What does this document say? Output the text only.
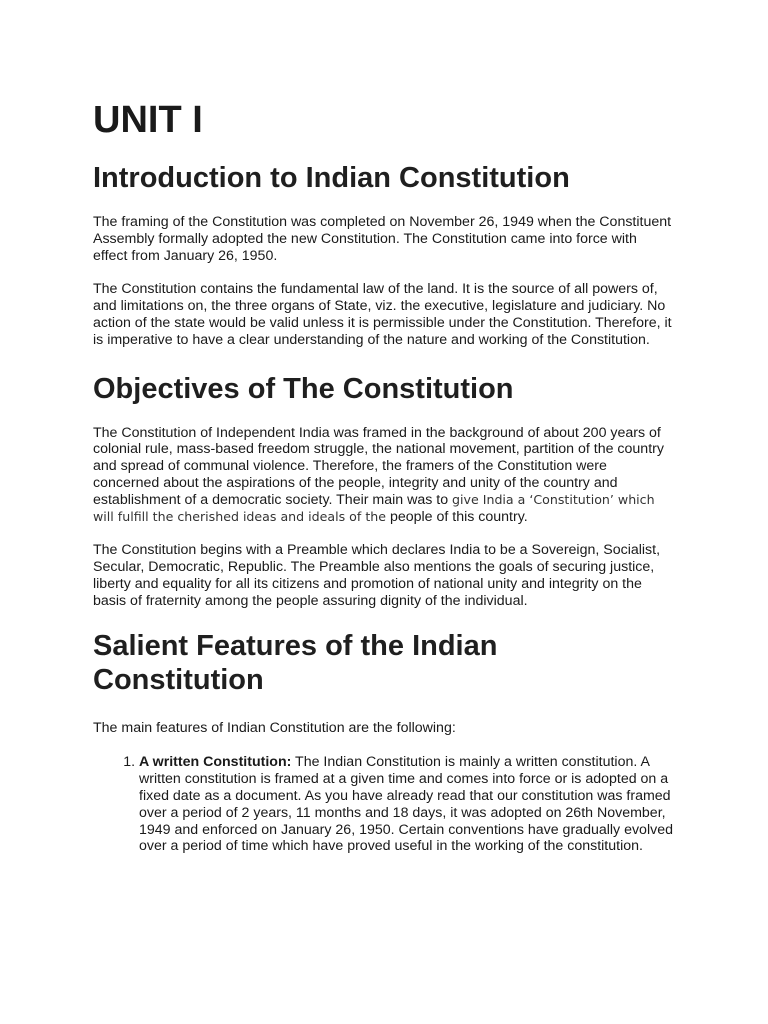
UNIT I
Introduction to Indian Constitution

The framing of the Constitution was completed on November 26, 1949 when the Constituent Assembly formally adopted the new Constitution. The Constitution came into force with effect from January 26, 1950.

The Constitution contains the fundamental law of the land. It is the source of all powers of, and limitations on, the three organs of State, viz. the executive, legislature and judiciary. No action of the state would be valid unless it is permissible under the Constitution. Therefore, it is imperative to have a clear understanding of the nature and working of the Constitution.

Objectives of The Constitution

The Constitution of Independent India was framed in the background of about 200 years of colonial rule, mass-based freedom struggle, the national movement, partition of the country and spread of communal violence. Therefore, the framers of the Constitution were concerned about the aspirations of the people, integrity and unity of the country and establishment of a democratic society. Their main was to give India a ‘Constitution’ which will fulfill the cherished ideas and ideals of the people of this country.

The Constitution begins with a Preamble which declares India to be a Sovereign, Socialist, Secular, Democratic, Republic. The Preamble also mentions the goals of securing justice, liberty and equality for all its citizens and promotion of national unity and integrity on the basis of fraternity among the people assuring dignity of the individual.

Salient Features of the Indian Constitution

The main features of Indian Constitution are the following:

1. A written Constitution: The Indian Constitution is mainly a written constitution. A written constitution is framed at a given time and comes into force or is adopted on a fixed date as a document. As you have already read that our constitution was framed over a period of 2 years, 11 months and 18 days, it was adopted on 26th November, 1949 and enforced on January 26, 1950. Certain conventions have gradually evolved over a period of time which have proved useful in the working of the constitution.
